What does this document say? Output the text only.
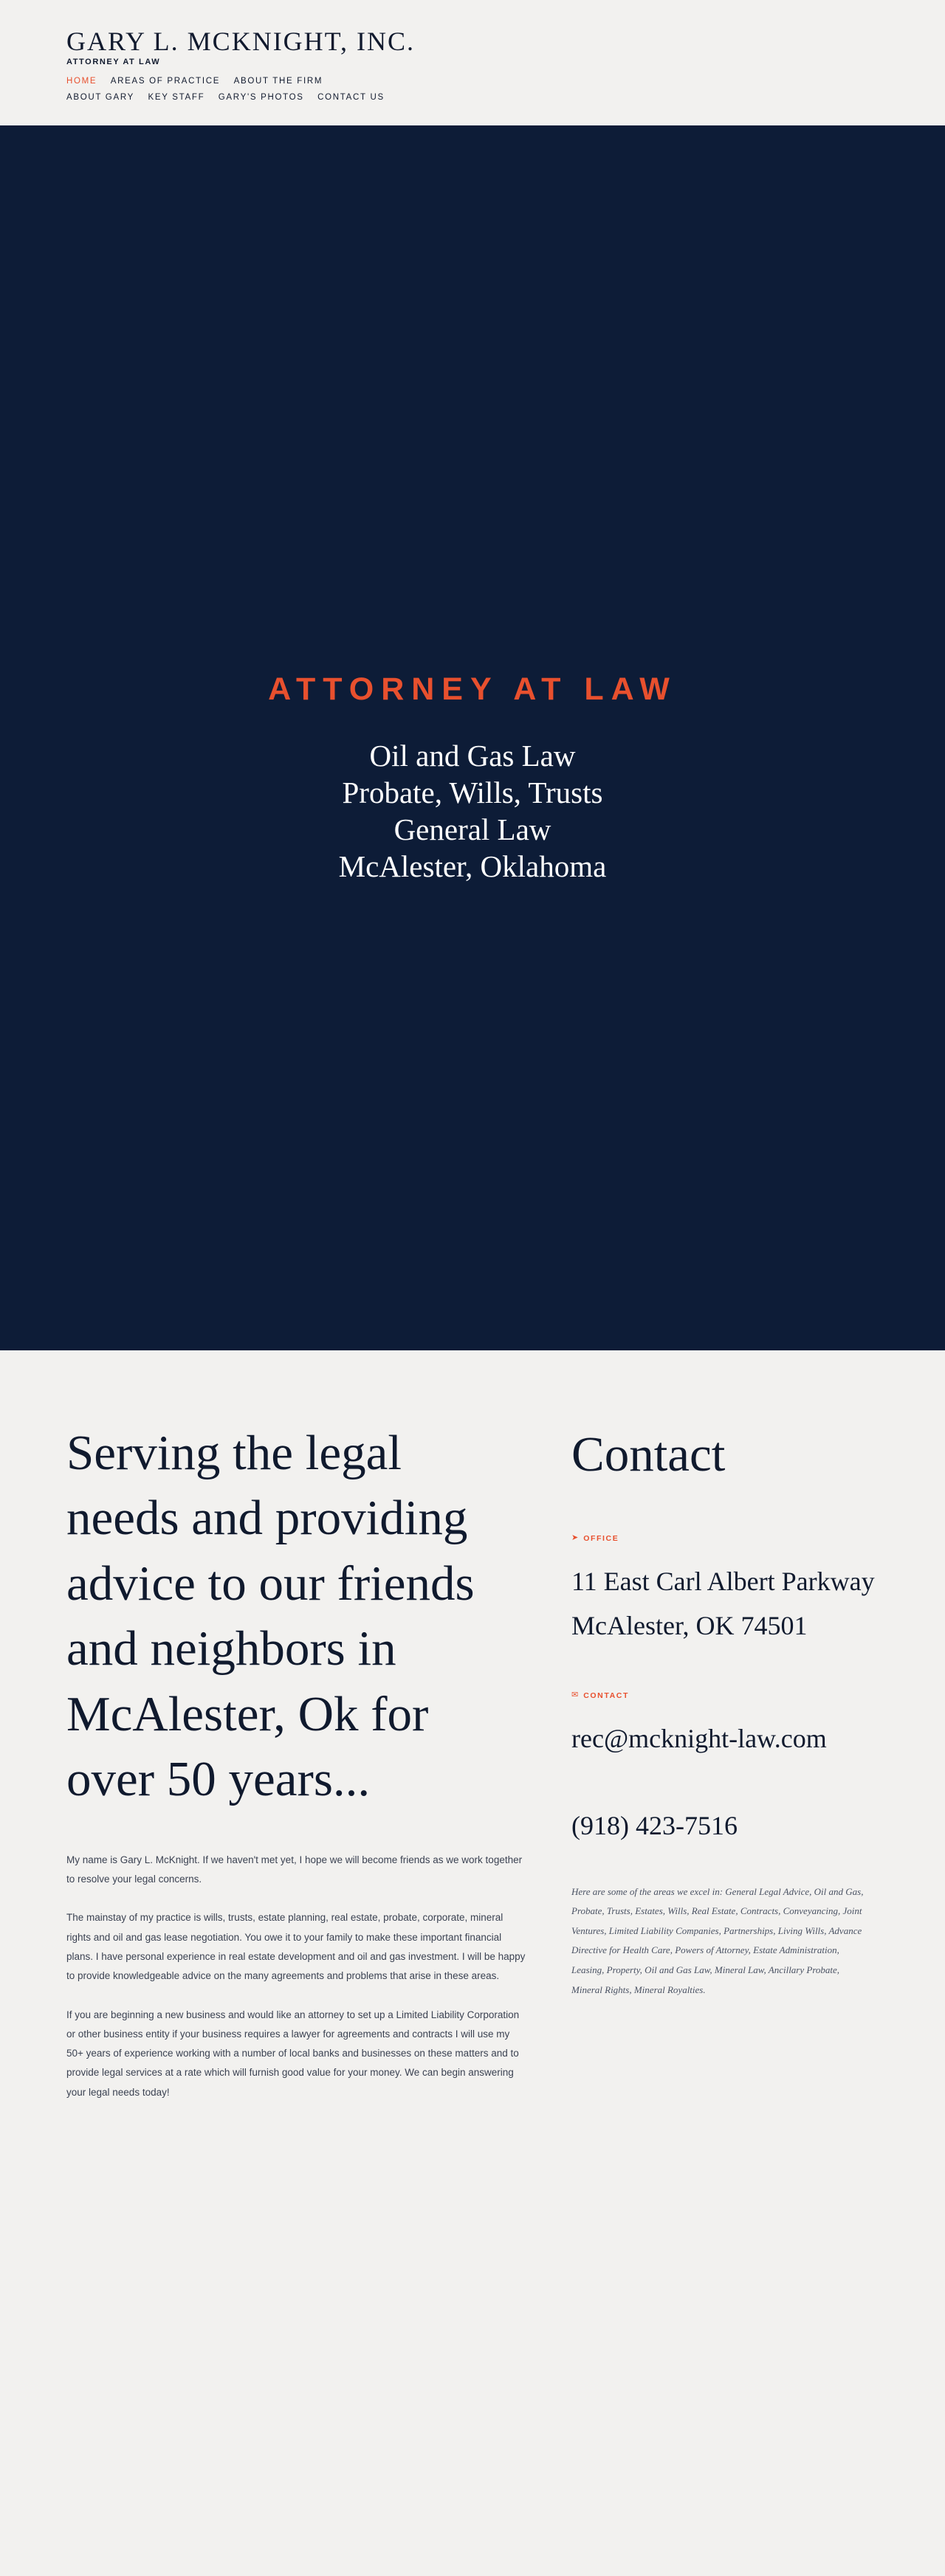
GARY L. MCKNIGHT, INC.
ATTORNEY AT LAW
HOME AREAS OF PRACTICE ABOUT THE FIRM ABOUT GARY KEY STAFF GARY'S PHOTOS CONTACT US
ATTORNEY AT LAW
Oil and Gas Law
Probate, Wills, Trusts
General Law
McAlester, Oklahoma
Serving the legal needs and providing advice to our friends and neighbors in McAlester, Ok for over 50 years...

My name is Gary L. McKnight. If we haven't met yet, I hope we will become friends as we work together to resolve your legal concerns.

The mainstay of my practice is wills, trusts, estate planning, real estate, probate, corporate, mineral rights and oil and gas lease negotiation. You owe it to your family to make these important financial plans. I have personal experience in real estate development and oil and gas investment. I will be happy to provide knowledgeable advice on the many agreements and problems that arise in these areas.

If you are beginning a new business and would like an attorney to set up a Limited Liability Corporation or other business entity if your business requires a lawyer for agreements and contracts I will use my 50+ years of experience working with a number of local banks and businesses on these matters and to provide legal services at a rate which will furnish good value for your money. We can begin answering your legal needs today!

Contact
➤ OFFICE
11 East Carl Albert Parkway McAlester, OK 74501
✉ CONTACT
rec@mcknight-law.com
(918) 423-7516
Here are some of the areas we excel in: General Legal Advice, Oil and Gas, Probate, Trusts, Estates, Wills, Real Estate, Contracts, Conveyancing, Joint Ventures, Limited Liability Companies, Partnerships, Living Wills, Advance Directive for Health Care, Powers of Attorney, Estate Administration, Leasing, Property, Oil and Gas Law, Mineral Law, Ancillary Probate, Mineral Rights, Mineral Royalties.
